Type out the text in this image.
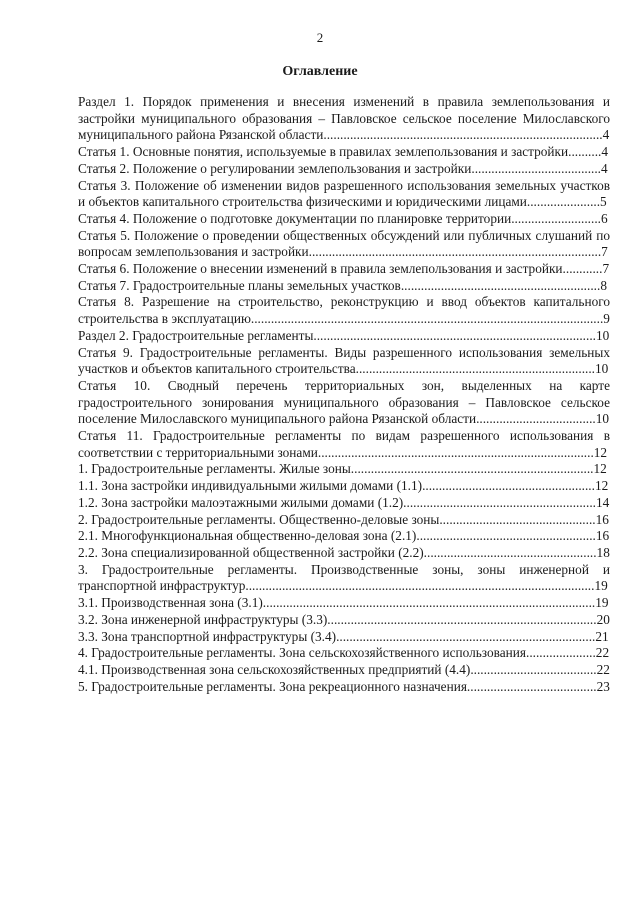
2
Оглавление

Раздел 1. Порядок применения и внесения изменений в правила землепользования и застройки муниципального образования – Павловское сельское поселение Милославского муниципального района Рязанской области....................................................................................4

Статья 1. Основные понятия, используемые в правилах землепользования и застройки..........4

Статья 2. Положение о регулировании землепользования и застройки.......................................4

Статья 3. Положение об изменении видов разрешенного использования земельных участков и объектов капитального строительства физическими и юридическими лицами......................5

Статья 4. Положение о подготовке документации по планировке территории...........................6

Статья 5. Положение о проведении общественных обсуждений или публичных слушаний по вопросам землепользования и застройки........................................................................................7

Статья 6. Положение о внесении изменений в правила землепользования и застройки............7

Статья 7. Градостроительные планы земельных участков............................................................8

Статья 8. Разрешение на строительство, реконструкцию и ввод объектов капитального строительства в эксплуатацию..........................................................................................................9

Раздел 2. Градостроительные регламенты.....................................................................................10

Статья 9. Градостроительные регламенты. Виды разрешенного использования земельных участков и объектов капитального строительства........................................................................10

Статья 10. Сводный перечень территориальных зон, выделенных на карте градостроительного зонирования муниципального образования – Павловское сельское поселение Милославского муниципального района Рязанской области....................................10

Статья 11. Градостроительные регламенты по видам разрешенного использования в соответствии с территориальными зонами...................................................................................12

1. Градостроительные регламенты. Жилые зоны.........................................................................12

1.1. Зона застройки индивидуальными жилыми домами (1.1)....................................................12

1.2. Зона застройки малоэтажными жилыми домами (1.2)..........................................................14

2. Градостроительные регламенты. Общественно-деловые зоны...............................................16

2.1. Многофункциональная общественно-деловая зона (2.1)......................................................16

2.2. Зона специализированной общественной застройки (2.2)....................................................18

3. Градостроительные регламенты. Производственные зоны, зоны инженерной и транспортной инфраструктур.........................................................................................................19

3.1. Производственная зона (3.1)....................................................................................................19

3.2. Зона инженерной инфраструктуры (3.3).................................................................................20

3.3. Зона транспортной инфраструктуры (3.4)..............................................................................21

4. Градостроительные регламенты. Зона сельскохозяйственного использования.....................22

4.1. Производственная зона сельскохозяйственных предприятий (4.4)......................................22

5. Градостроительные регламенты. Зона рекреационного назначения.......................................23
